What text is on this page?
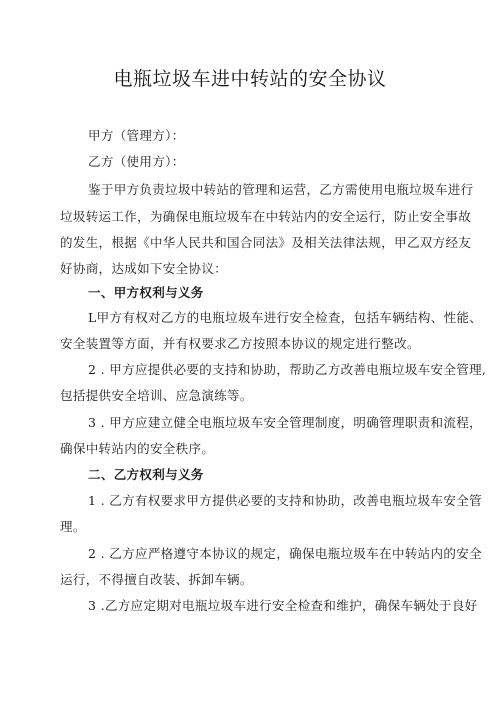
电瓶垃圾车进中转站的安全协议
甲方（管理方）：
乙方（使用方）：
鉴于甲方负责垃圾中转站的管理和运营，乙方需使用电瓶垃圾车进行
垃圾转运工作，为确保电瓶垃圾车在中转站内的安全运行，防止安全事故
的发生，根据《中华人民共和国合同法》及相关法律法规，甲乙双方经友
好协商，达成如下安全协议：
一、甲方权利与义务
L甲方有权对乙方的电瓶垃圾车进行安全检查，包括车辆结构、性能、
安全装置等方面，并有权要求乙方按照本协议的规定进行整改。
2 . 甲方应提供必要的支持和协助，帮助乙方改善电瓶垃圾车安全管理,
包括提供安全培训、应急演练等。
3 . 甲方应建立健全电瓶垃圾车安全管理制度，明确管理职责和流程，
确保中转站内的安全秩序。
二、乙方权利与义务
1 . 乙方有权要求甲方提供必要的支持和协助，改善电瓶垃圾车安全管
理。
2 . 乙方应严格遵守本协议的规定，确保电瓶垃圾车在中转站内的安全
运行，不得擅自改装、拆卸车辆。
3 .乙方应定期对电瓶垃圾车进行安全检查和维护，确保车辆处于良好
